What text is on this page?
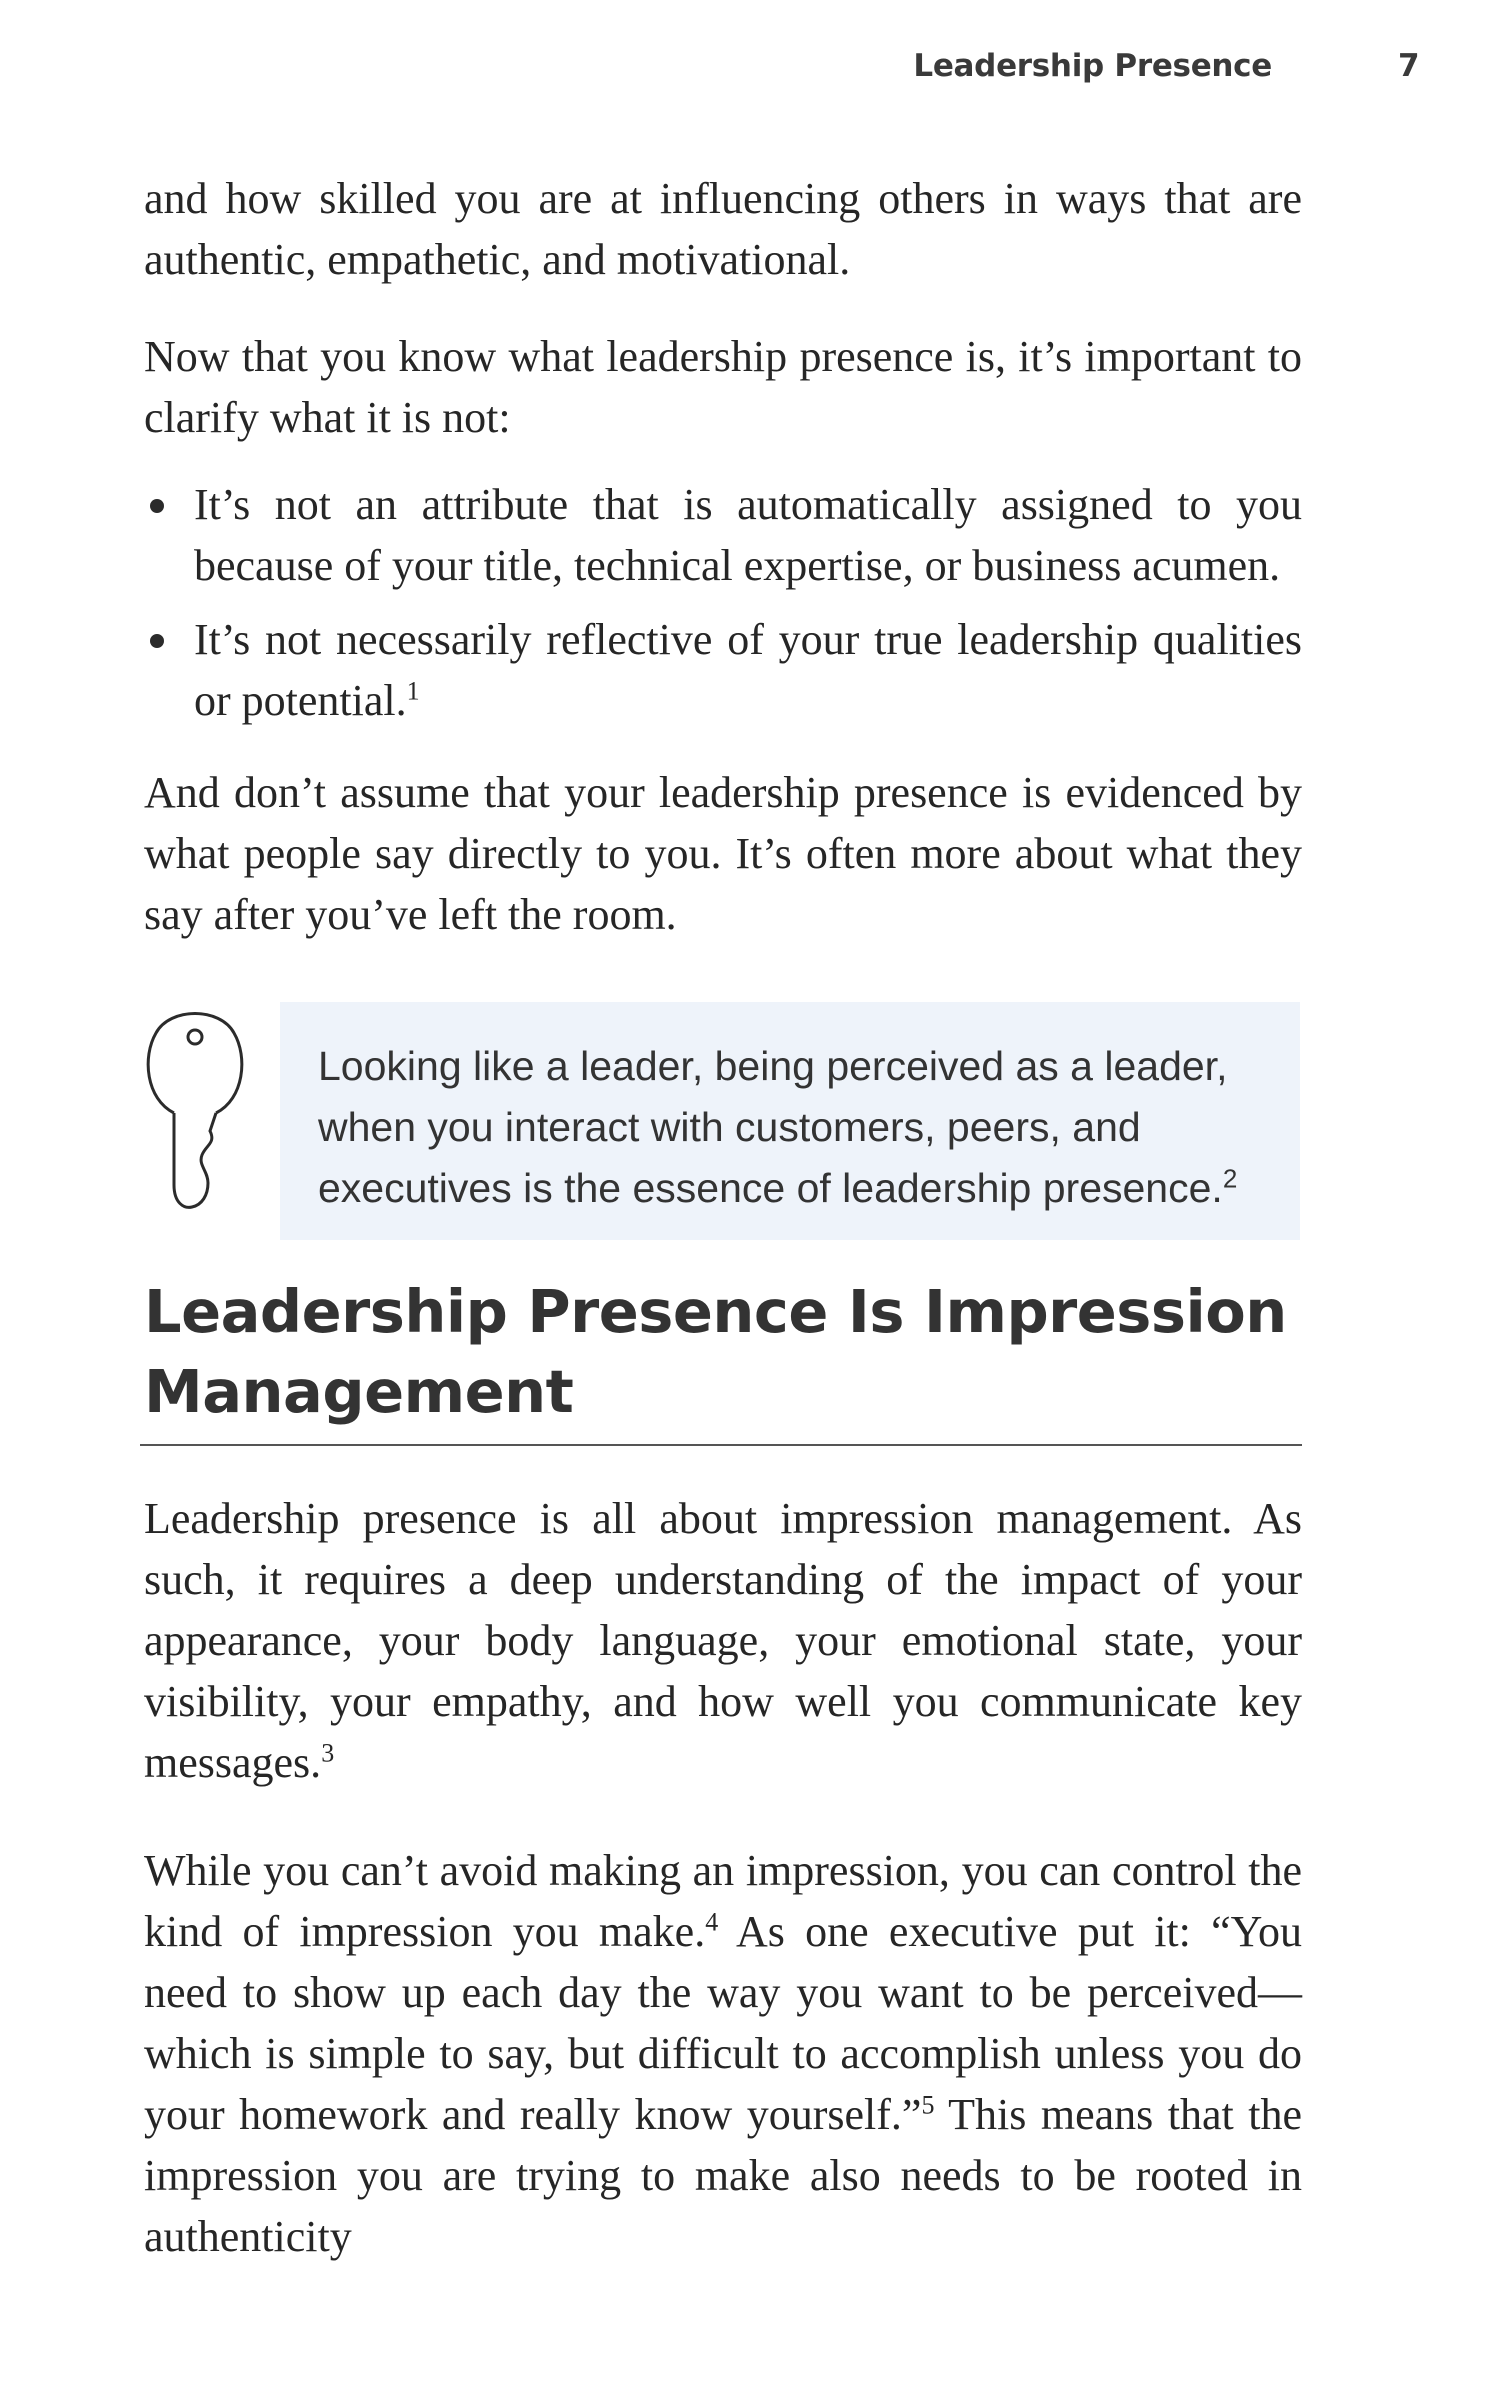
Leadership Presence	7

and how skilled you are at influencing others in ways that are authentic, empathetic, and motivational.

Now that you know what leadership presence is, it’s important to clarify what it is not:

It’s not an attribute that is automatically assigned to you because of your title, technical expertise, or business acumen.
It’s not necessarily reflective of your true leadership qualities or potential.$^1$

And don’t assume that your leadership presence is evidenced by what people say directly to you. It’s often more about what they say after you’ve left the room.

Looking like a leader, being perceived as a leader, when you interact with customers, peers, and executives is the essence of leadership presence.$^2$

Leadership Presence Is Impression Management

Leadership presence is all about impression management. As such, it requires a deep understanding of the impact of your appearance, your body language, your emotional state, your visibility, your empathy, and how well you communicate key messages.$^3$

While you can’t avoid making an impression, you can control the kind of impression you make.$^4$ As one executive put it: “You need to show up each day the way you want to be perceived—which is simple to say, but difficult to accomplish unless you do your homework and really know yourself.”$^5$ This means that the impression you are trying to make also needs to be rooted in authenticity
